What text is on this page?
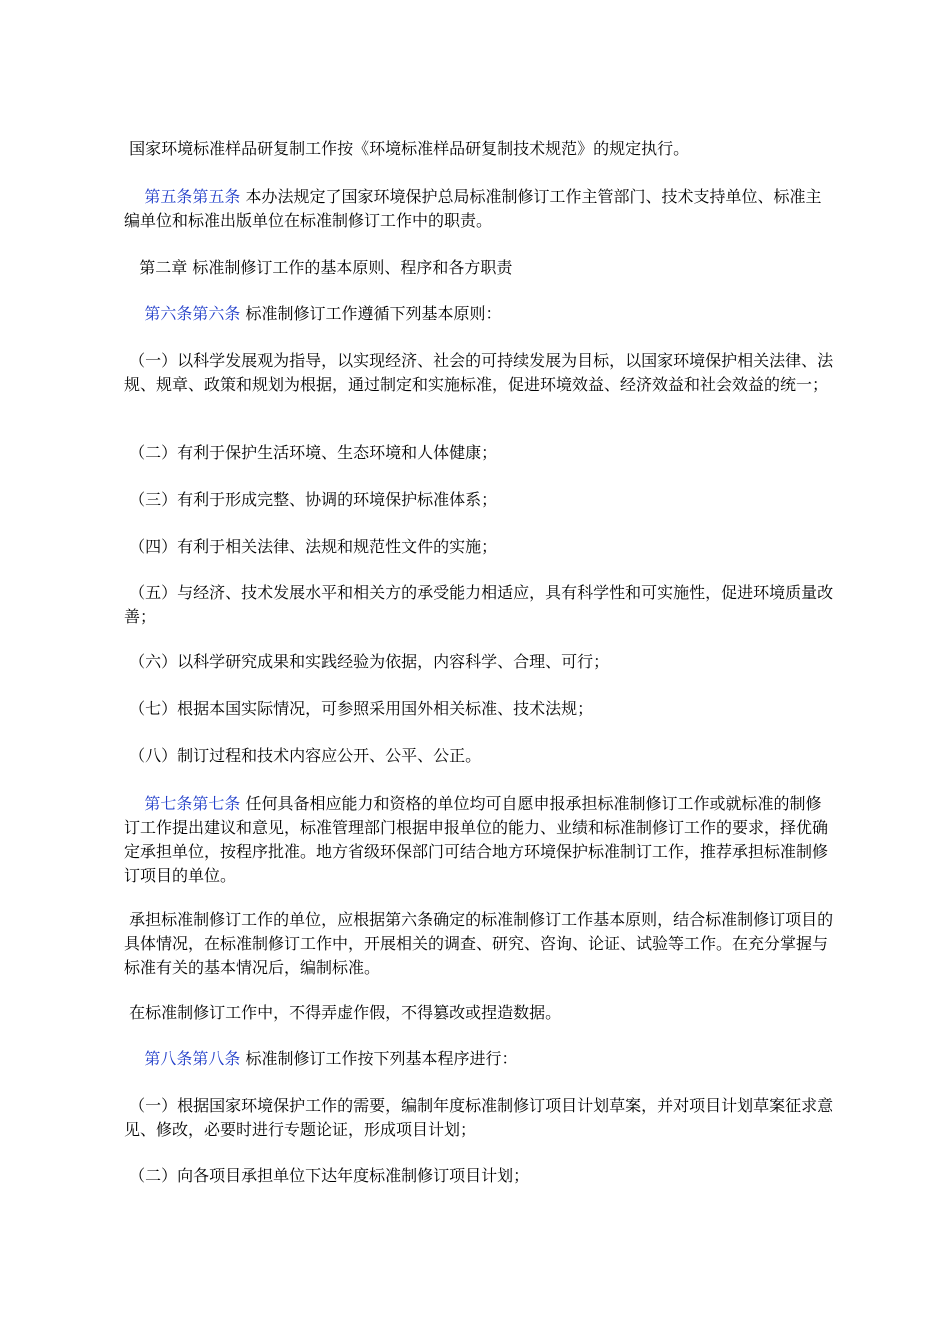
国家环境标准样品研复制工作按《环境标准样品研复制技术规范》的规定执行。

第五条第五条 本办法规定了国家环境保护总局标准制修订工作主管部门、技术支持单位、标准主编单位和标准出版单位在标准制修订工作中的职责。

第二章 标准制修订工作的基本原则、程序和各方职责

第六条第六条 标准制修订工作遵循下列基本原则：

（一）以科学发展观为指导，以实现经济、社会的可持续发展为目标，以国家环境保护相关法律、法规、规章、政策和规划为根据，通过制定和实施标准，促进环境效益、经济效益和社会效益的统一；

（二）有利于保护生活环境、生态环境和人体健康；

（三）有利于形成完整、协调的环境保护标准体系；

（四）有利于相关法律、法规和规范性文件的实施；

（五）与经济、技术发展水平和相关方的承受能力相适应，具有科学性和可实施性，促进环境质量改善；

（六）以科学研究成果和实践经验为依据，内容科学、合理、可行；

（七）根据本国实际情况，可参照采用国外相关标准、技术法规；

（八）制订过程和技术内容应公开、公平、公正。

第七条第七条 任何具备相应能力和资格的单位均可自愿申报承担标准制修订工作或就标准的制修订工作提出建议和意见，标准管理部门根据申报单位的能力、业绩和标准制修订工作的要求，择优确定承担单位，按程序批准。地方省级环保部门可结合地方环境保护标准制订工作，推荐承担标准制修订项目的单位。

承担标准制修订工作的单位，应根据第六条确定的标准制修订工作基本原则，结合标准制修订项目的具体情况，在标准制修订工作中，开展相关的调查、研究、咨询、论证、试验等工作。在充分掌握与标准有关的基本情况后，编制标准。

在标准制修订工作中，不得弄虚作假，不得篡改或捏造数据。

第八条第八条 标准制修订工作按下列基本程序进行：

（一）根据国家环境保护工作的需要，编制年度标准制修订项目计划草案，并对项目计划草案征求意见、修改，必要时进行专题论证，形成项目计划；

（二）向各项目承担单位下达年度标准制修订项目计划；
